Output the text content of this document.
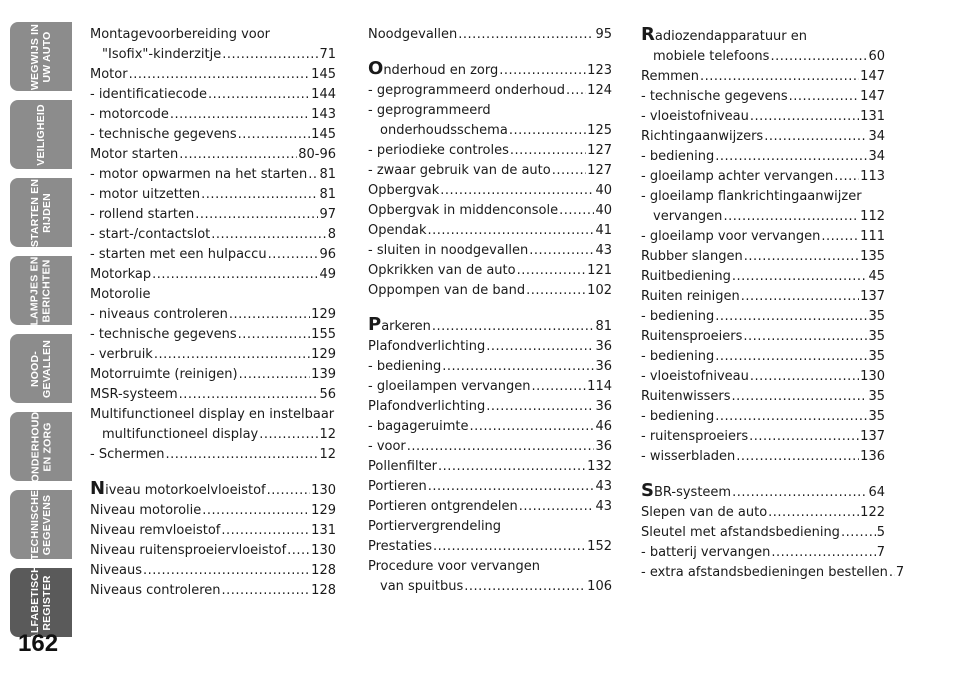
WEGWIJS IN
UW AUTO
VEILIGHEID
STARTEN EN
RIJDEN
LAMPJES EN
BERICHTEN
NOOD-
GEVALLEN
ONDERHOUD
EN ZORG
TECHNISCHE
GEGEVENS
ALFABETISCH
REGISTER
162
Montagevoorbereiding voor
"Isofix"-kinderzitje .....	71
Motor .....	145
- identificatiecode .....	144
- motorcode .....	143
- technische gegevens .....	145
Motor starten .....	80-96
- motor opwarmen na het starten ..... 81
- motor uitzetten .....	81
- rollend starten .....	97
- start-/contactslot .....	8
- starten met een hulpaccu .....	96
Motorkap .....	49
Motorolie
- niveaus controleren .....	129
- technische gegevens .....	155
- verbruik .....	129
Motorruimte (reinigen) .....	139
MSR-systeem .....	56
Multifunctioneel display en instelbaar
multifunctioneel display .....	12
- Schermen .....	12
Niveau motorkoelvloeistof .....	130
Niveau motorolie .....	129
Niveau remvloeistof .....	131
Niveau ruitensproeiervloeistof ..... 130
Niveaus .....	128
Niveaus controleren .....	128
Noodgevallen .....	95
Onderhoud en zorg .....	123
- geprogrammeerd onderhoud ..... 124
- geprogrammeerd
onderhoudsschema .....	125
- periodieke controles .....	127
- zwaar gebruik van de auto .....	127
Opbergvak .....	40
Opbergvak in middenconsole .....	40
Opendak .....	41
- sluiten in noodgevallen .....	43
Opkrikken van de auto .....	121
Oppompen van de band .....	102
Parkeren .....	81
Plafondverlichting .....	36
- bediening .....	36
- gloeilampen vervangen .....	114
Plafondverlichting .....	36
- bagageruimte .....	46
- voor .....	36
Pollenfilter .....	132
Portieren .....	43
Portieren ontgrendelen .....	43
Portiervergrendeling
Prestaties .....	152
Procedure voor vervangen
van spuitbus .....	106
Radiozendapparatuur en
mobiele telefoons .....	60
Remmen .....	147
- technische gegevens .....	147
- vloeistofniveau .....	131
Richtingaanwijzers .....	34
- bediening .....	34
- gloeilamp achter vervangen ..... 113
- gloeilamp flankrichtingaanwijzer
vervangen .....	112
- gloeilamp voor vervangen .....	111
Rubber slangen .....	135
Ruitbediening .....	45
Ruiten reinigen .....	137
- bediening .....	35
Ruitensproeiers .....	35
- bediening .....	35
- vloeistofniveau .....	130
Ruitenwissers .....	35
- bediening .....	35
- ruitensproeiers .....	137
- wisserbladen .....	136
SBR-systeem .....	64
Slepen van de auto .....	122
Sleutel met afstandsbediening .....	5
- batterij vervangen .....	7
- extra afstandsbedieningen bestellen ..... 7
